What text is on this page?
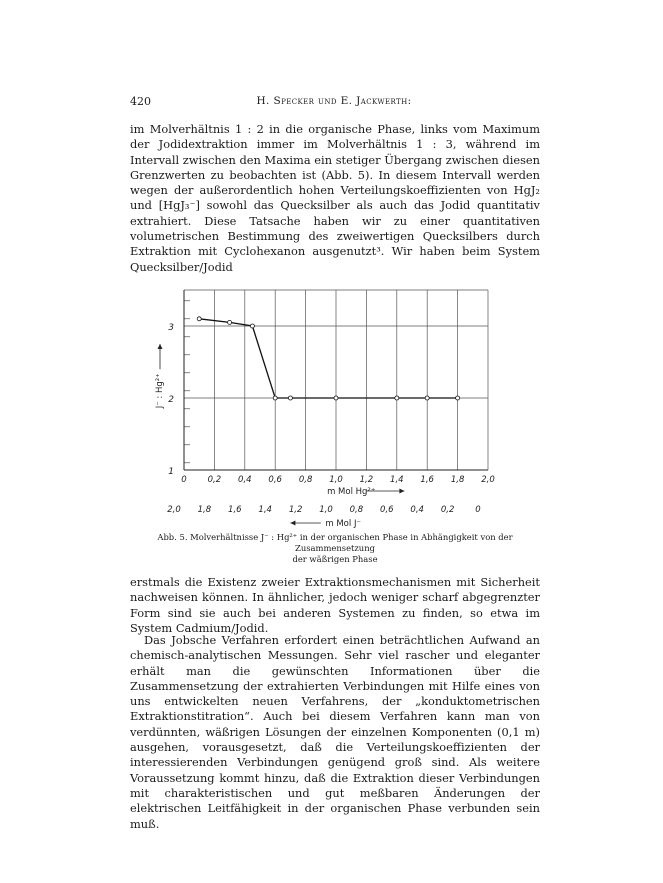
420	H. Specker und E. Jackwerth:

im Molverhältnis 1 : 2 in die organische Phase, links vom Maximum der Jodidextraktion immer im Molverhältnis 1 : 3, während im Intervall zwischen den Maxima ein stetiger Übergang zwischen diesen Grenzwerten zu beobachten ist (Abb. 5). In diesem Intervall werden wegen der außerordentlich hohen Verteilungskoeffizienten von HgJ₂ und [HgJ₃⁻] sowohl das Quecksilber als auch das Jodid quantitativ extrahiert. Diese Tatsache haben wir zu einer quantitativen volumetrischen Bestimmung des zweiwertigen Quecksilbers durch Extraktion mit Cyclohexanon ausgenutzt³. Wir haben beim System Quecksilber/Jodid

1
2
3
0 0,2 0,4 0,6 0,8 1,0 1,2 1,4 1,6 1,8 2,0
m Mol Hg²⁺
2,0 1,8 1,6 1,4 1,2 1,0 0,8 0,6 0,4 0,2 0
m Mol J⁻
J⁻ : Hg²⁺
Abb. 5. Molverhältnisse J⁻ : Hg²⁺ in der organischen Phase in Abhängigkeit von der Zusammensetzung
der wäßrigen Phase

erstmals die Existenz zweier Extraktionsmechanismen mit Sicherheit nachweisen können. In ähnlicher, jedoch weniger scharf abgegrenzter Form sind sie auch bei anderen Systemen zu finden, so etwa im System Cadmium/Jodid.

Das Jobsche Verfahren erfordert einen beträchtlichen Aufwand an chemisch-analytischen Messungen. Sehr viel rascher und eleganter erhält man die gewünschten Informationen über die Zusammensetzung der extrahierten Verbindungen mit Hilfe eines von uns entwickelten neuen Verfahrens, der „konduktometrischen Extraktionstitration“. Auch bei diesem Verfahren kann man von verdünnten, wäßrigen Lösungen der einzelnen Komponenten (0,1 m) ausgehen, vorausgesetzt, daß die Verteilungskoeffizienten der interessierenden Verbindungen genügend groß sind. Als weitere Voraussetzung kommt hinzu, daß die Extraktion dieser Verbindungen mit charakteristischen und gut meßbaren Änderungen der elektrischen Leitfähigkeit in der organischen Phase verbunden sein muß.
